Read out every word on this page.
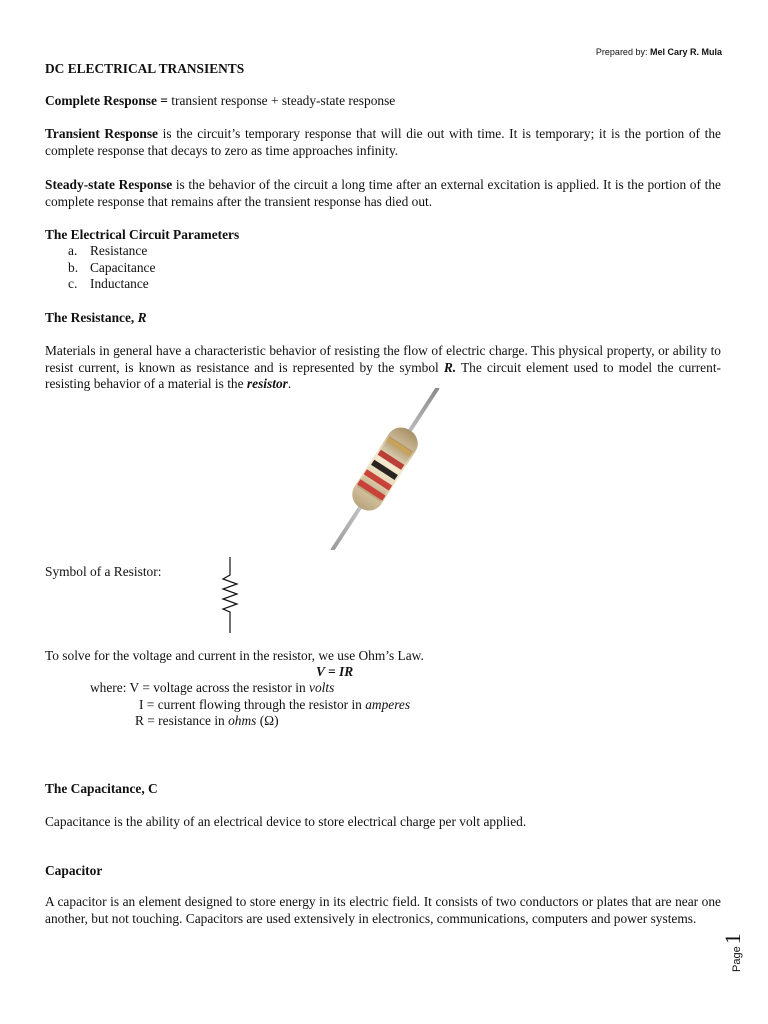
Prepared by: Mel Cary R. Mula
DC ELECTRICAL TRANSIENTS
Complete Response = transient response + steady-state response
Transient Response is the circuit’s temporary response that will die out with time. It is temporary; it is the portion of the complete response that decays to zero as time approaches infinity.
Steady-state Response is the behavior of the circuit a long time after an external excitation is applied. It is the portion of the complete response that remains after the transient response has died out.
The Electrical Circuit Parameters
a. Resistance
b. Capacitance
c. Inductance
The Resistance, R
Materials in general have a characteristic behavior of resisting the flow of electric charge. This physical property, or ability to resist current, is known as resistance and is represented by the symbol R. The circuit element used to model the current-resisting behavior of a material is the resistor.
Symbol of a Resistor:
To solve for the voltage and current in the resistor, we use Ohm’s Law.
V = IR
where: V = voltage across the resistor in volts
I = current flowing through the resistor in amperes
R = resistance in ohms (Ω)
The Capacitance, C
Capacitance is the ability of an electrical device to store electrical charge per volt applied.
Capacitor
A capacitor is an element designed to store energy in its electric field. It consists of two conductors or plates that are near one another, but not touching. Capacitors are used extensively in electronics, communications, computers and power systems.
Page
1
